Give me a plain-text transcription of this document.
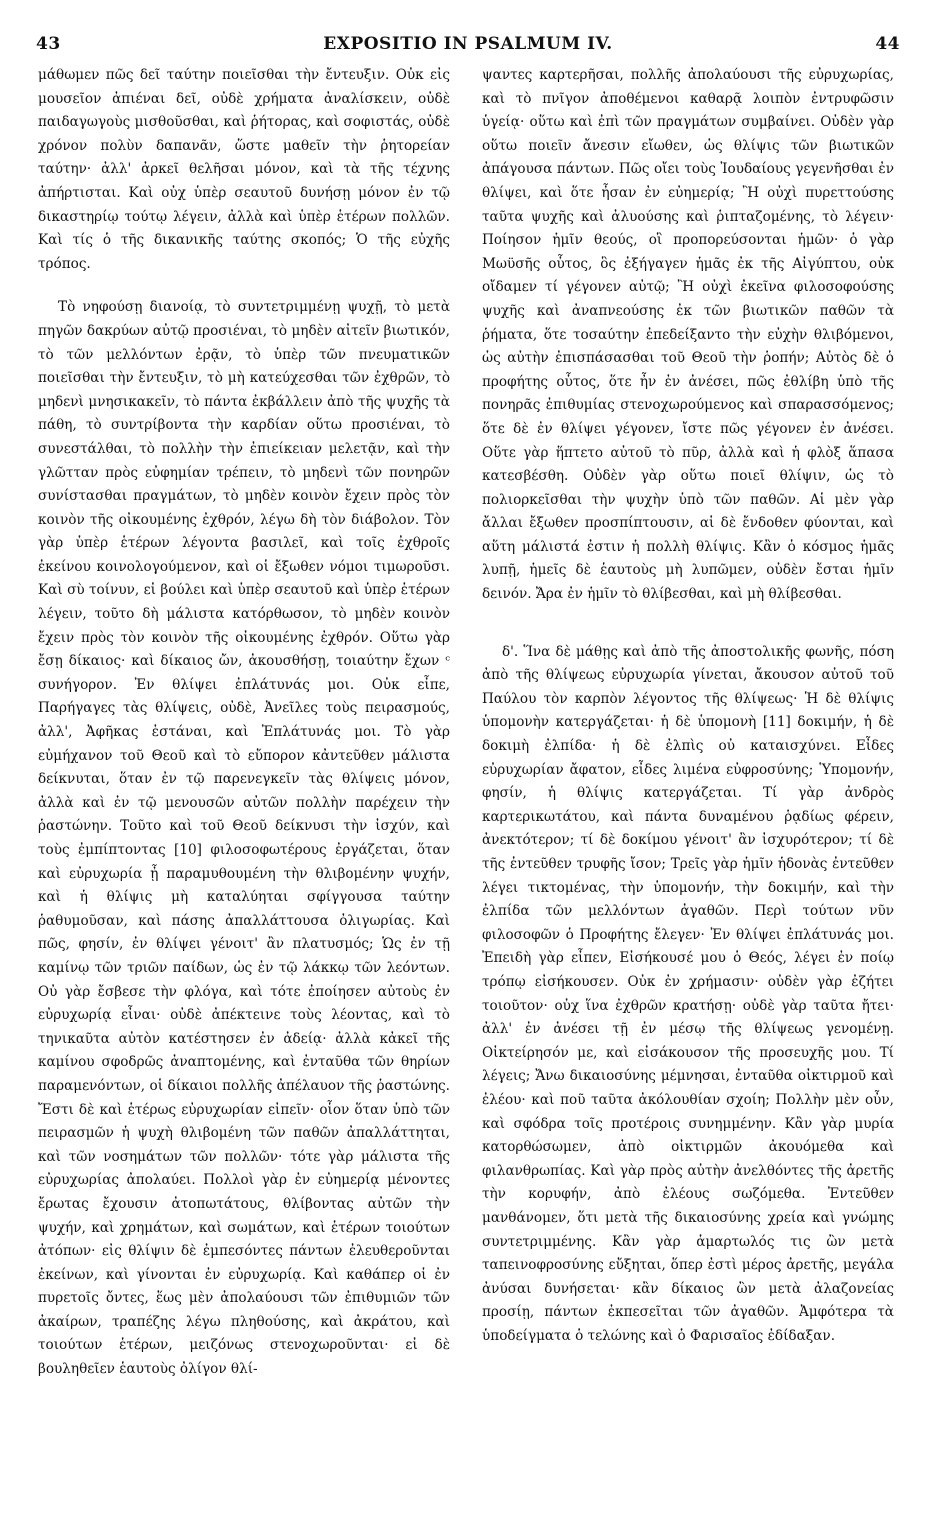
43	EXPOSITIO IN PSALMUM IV.	44

μάθωμεν πῶς δεῖ ταύτην ποιεῖσθαι τὴν ἔντευξιν. Οὐκ εἰς μουσεῖον ἀπιέναι δεῖ, οὐδὲ χρήματα ἀναλίσκειν, οὐδὲ παιδαγωγοὺς μισθοῦσθαι, καὶ ῥήτορας, καὶ σοφιστάς, οὐδὲ χρόνον πολὺν δαπανᾶν, ὥστε μαθεῖν τὴν ῥητορείαν ταύτην· ἀλλ' ἀρκεῖ θελῆσαι μόνον, καὶ τὰ τῆς τέχνης ἀπήρτισται. Καὶ οὐχ ὑπὲρ σεαυτοῦ δυνήσῃ μόνον ἐν τῷ δικαστηρίῳ τούτῳ λέγειν, ἀλλὰ καὶ ὑπὲρ ἑτέρων πολλῶν. Καὶ τίς ὁ τῆς δικανικῆς ταύτης σκοπός; Ὁ τῆς εὐχῆς τρόπος.

Τὸ νηφούσῃ διανοίᾳ, τὸ συντετριμμένῃ ψυχῇ, τὸ μετὰ πηγῶν δακρύων αὐτῷ προσιέναι, τὸ μηδὲν αἰτεῖν βιωτικόν, τὸ τῶν μελλόντων ἐρᾷν, τὸ ὑπὲρ τῶν πνευματικῶν ποιεῖσθαι τὴν ἔντευξιν, τὸ μὴ κατεύχεσθαι τῶν ἐχθρῶν, τὸ μηδενὶ μνησικακεῖν, τὸ πάντα ἐκβάλλειν ἀπὸ τῆς ψυχῆς τὰ πάθη, τὸ συντρίβοντα τὴν καρδίαν οὕτω προσιέναι, τὸ συνεστάλθαι, τὸ πολλὴν τὴν ἐπιείκειαν μελετᾷν, καὶ τὴν γλῶτταν πρὸς εὐφημίαν τρέπειν, τὸ μηδενὶ τῶν πονηρῶν συνίστασθαι πραγμάτων, τὸ μηδὲν κοινὸν ἔχειν πρὸς τὸν κοινὸν τῆς οἰκουμένης ἐχθρόν, λέγω δὴ τὸν διάβολον. Τὸν γὰρ ὑπὲρ ἑτέρων λέγοντα βασιλεῖ, καὶ τοῖς ἐχθροῖς ἐκείνου κοινολογούμενον, καὶ οἱ ἔξωθεν νόμοι τιμωροῦσι. Καὶ σὺ τοίνυν, εἰ βούλει καὶ ὑπὲρ σεαυτοῦ καὶ ὑπὲρ ἑτέρων λέγειν, τοῦτο δὴ μάλιστα κατόρθωσον, τὸ μηδὲν κοινὸν ἔχειν πρὸς τὸν κοινὸν τῆς οἰκουμένης ἐχθρόν. Οὕτω γὰρ ἔσῃ δίκαιος· καὶ δίκαιος ὤν, ἀκουσθήσῃ, τοιαύτην ἔχων ᶜ συνήγορον. Ἐν θλίψει ἐπλάτυνάς μοι. Οὐκ εἶπε, Παρήγαγες τὰς θλίψεις, οὐδὲ, Ἀνεῖλες τοὺς πειρασμούς, ἀλλ', Ἀφῆκας ἑστάναι, καὶ Ἐπλάτυνάς μοι. Τὸ γὰρ εὐμήχανον τοῦ Θεοῦ καὶ τὸ εὔπορον κἀντεῦθεν μάλιστα δείκνυται, ὅταν ἐν τῷ παρενεγκεῖν τὰς θλίψεις μόνον, ἀλλὰ καὶ ἐν τῷ μενουσῶν αὐτῶν πολλὴν παρέχειν τὴν ῥαστώνην. Τοῦτο καὶ τοῦ Θεοῦ δείκνυσι τὴν ἰσχύν, καὶ τοὺς ἐμπίπτοντας [10] φιλοσοφωτέρους ἐργάζεται, ὅταν καὶ εὐρυχωρία ᾖ παραμυθουμένη τὴν θλιβομένην ψυχήν, καὶ ἡ θλίψις μὴ καταλύηται σφίγγουσα ταύτην ῥαθυμοῦσαν, καὶ πάσης ἀπαλλάττουσα ὀλιγωρίας. Καὶ πῶς, φησίν, ἐν θλίψει γένοιτ' ἂν πλατυσμός; Ὡς ἐν τῇ καμίνῳ τῶν τριῶν παίδων, ὡς ἐν τῷ λάκκῳ τῶν λεόντων. Οὐ γὰρ ἔσβεσε τὴν φλόγα, καὶ τότε ἐποίησεν αὐτοὺς ἐν εὐρυχωρίᾳ εἶναι· οὐδὲ ἀπέκτεινε τοὺς λέοντας, καὶ τὸ τηνικαῦτα αὐτὸν κατέστησεν ἐν ἀδείᾳ· ἀλλὰ κἀκεῖ τῆς καμίνου σφοδρῶς ἀναπτομένης, καὶ ἐνταῦθα τῶν θηρίων παραμενόντων, οἱ δίκαιοι πολλῆς ἀπέλαυον τῆς ῥαστώνης. Ἔστι δὲ καὶ ἑτέρως εὐρυχωρίαν εἰπεῖν· οἷον ὅταν ὑπὸ τῶν πειρασμῶν ἡ ψυχὴ θλιβομένη τῶν παθῶν ἀπαλλάττηται, καὶ τῶν νοσημάτων τῶν πολλῶν· τότε γὰρ μάλιστα τῆς εὐρυχωρίας ἀπολαύει. Πολλοὶ γὰρ ἐν εὐημερίᾳ μένοντες ἔρωτας ἔχουσιν ἀτοπωτάτους, θλίβοντας αὐτῶν τὴν ψυχήν, καὶ χρημάτων, καὶ σωμάτων, καὶ ἑτέρων τοιούτων ἀτόπων· εἰς θλίψιν δὲ ἐμπεσόντες πάντων ἐλευθεροῦνται ἐκείνων, καὶ γίνονται ἐν εὐρυχωρίᾳ. Καὶ καθάπερ οἱ ἐν πυρετοῖς ὄντες, ἕως μὲν ἀπολαύουσι τῶν ἐπιθυμιῶν τῶν ἀκαίρων, τραπέζης λέγω πληθούσης, καὶ ἀκράτου, καὶ τοιούτων ἑτέρων, μειζόνως στενοχωροῦνται· εἰ δὲ βουληθεῖεν ἑαυτοὺς ὀλίγον θλί-

ψαντες καρτερῆσαι, πολλῆς ἀπολαύουσι τῆς εὐρυχωρίας, καὶ τὸ πνῖγον ἀποθέμενοι καθαρᾷ λοιπὸν ἐντρυφῶσιν ὑγείᾳ· οὕτω καὶ ἐπὶ τῶν πραγμάτων συμβαίνει. Οὐδὲν γὰρ οὕτω ποιεῖν ἄνεσιν εἴωθεν, ὡς θλίψις τῶν βιωτικῶν ἀπάγουσα πάντων. Πῶς οἴει τοὺς Ἰουδαίους γεγενῆσθαι ἐν θλίψει, καὶ ὅτε ἦσαν ἐν εὐημερίᾳ; Ἢ οὐχὶ πυρεττούσης ταῦτα ψυχῆς καὶ ἀλυούσης καὶ ῥιπταζομένης, τὸ λέγειν· Ποίησον ἡμῖν θεούς, οἳ προπορεύσονται ἡμῶν· ὁ γὰρ Μωϋσῆς οὗτος, ὃς ἐξήγαγεν ἡμᾶς ἐκ τῆς Αἰγύπτου, οὐκ οἴδαμεν τί γέγονεν αὐτῷ; Ἢ οὐχὶ ἐκεῖνα φιλοσοφούσης ψυχῆς καὶ ἀναπνεούσης ἐκ τῶν βιωτικῶν παθῶν τὰ ῥήματα, ὅτε τοσαύτην ἐπεδείξαντο τὴν εὐχὴν θλιβόμενοι, ὡς αὐτὴν ἐπισπάσασθαι τοῦ Θεοῦ τὴν ῥοπήν; Αὐτὸς δὲ ὁ προφήτης οὗτος, ὅτε ἦν ἐν ἀνέσει, πῶς ἐθλίβη ὑπὸ τῆς πονηρᾶς ἐπιθυμίας στενοχωρούμενος καὶ σπαρασσόμενος; ὅτε δὲ ἐν θλίψει γέγονεν, ἴστε πῶς γέγονεν ἐν ἀνέσει. Οὕτε γὰρ ἥπτετο αὐτοῦ τὸ πῦρ, ἀλλὰ καὶ ἡ φλὸξ ἅπασα κατεσβέσθη. Οὐδὲν γὰρ οὕτω ποιεῖ θλίψιν, ὡς τὸ πολιορκεῖσθαι τὴν ψυχὴν ὑπὸ τῶν παθῶν. Αἱ μὲν γὰρ ἄλλαι ἔξωθεν προσπίπτουσιν, αἱ δὲ ἔνδοθεν φύονται, καὶ αὕτη μάλιστά ἐστιν ἡ πολλὴ θλίψις. Κἂν ὁ κόσμος ἡμᾶς λυπῇ, ἡμεῖς δὲ ἑαυτοὺς μὴ λυπῶμεν, οὐδὲν ἔσται ἡμῖν δεινόν. Ἄρα ἐν ἡμῖν τὸ θλίβεσθαι, καὶ μὴ θλίβεσθαι.

δ'. Ἵνα δὲ μάθῃς καὶ ἀπὸ τῆς ἀποστολικῆς φωνῆς, πόση ἀπὸ τῆς θλίψεως εὐρυχωρία γίνεται, ἄκουσον αὐτοῦ τοῦ Παύλου τὸν καρπὸν λέγοντος τῆς θλίψεως· Ἡ δὲ θλίψις ὑπομονὴν κατεργάζεται· ἡ δὲ ὑπομονὴ [11] δοκιμήν, ἡ δὲ δοκιμὴ ἐλπίδα· ἡ δὲ ἐλπὶς οὐ καταισχύνει. Εἶδες εὐρυχωρίαν ἄφατον, εἶδες λιμένα εὐφροσύνης; Ὑπομονήν, φησίν, ἡ θλίψις κατεργάζεται. Τί γὰρ ἀνδρὸς καρτερικωτάτου, καὶ πάντα δυναμένου ῥᾳδίως φέρειν, ἀνεκτότερον; τί δὲ δοκίμου γένοιτ' ἂν ἰσχυρότερον; τί δὲ τῆς ἐντεῦθεν τρυφῆς ἴσον; Τρεῖς γὰρ ἡμῖν ἡδονὰς ἐντεῦθεν λέγει τικτομένας, τὴν ὑπομονήν, τὴν δοκιμήν, καὶ τὴν ἐλπίδα τῶν μελλόντων ἀγαθῶν. Περὶ τούτων νῦν φιλοσοφῶν ὁ Προφήτης ἔλεγεν· Ἐν θλίψει ἐπλάτυνάς μοι. Ἐπειδὴ γὰρ εἶπεν, Εἰσήκουσέ μου ὁ Θεός, λέγει ἐν ποίῳ τρόπῳ εἰσήκουσεν. Οὐκ ἐν χρήμασιν· οὐδὲν γὰρ ἐζήτει τοιοῦτον· οὐχ ἵνα ἐχθρῶν κρατήσῃ· οὐδὲ γὰρ ταῦτα ἤτει· ἀλλ' ἐν ἀνέσει τῇ ἐν μέσῳ τῆς θλίψεως γενομένῃ. Οἰκτείρησόν με, καὶ εἰσάκουσον τῆς προσευχῆς μου. Τί λέγεις; Ἄνω δικαιοσύνης μέμνησαι, ἐνταῦθα οἰκτιρμοῦ καὶ ἐλέου· καὶ ποῦ ταῦτα ἀκόλουθίαν σχοίη; Πολλὴν μὲν οὖν, καὶ σφόδρα τοῖς προτέροις συνημμένην. Κἂν γὰρ μυρία κατορθώσωμεν, ἀπὸ οἰκτιρμῶν ἀκουόμεθα καὶ φιλανθρωπίας. Καὶ γὰρ πρὸς αὐτὴν ἀνελθόντες τῆς ἀρετῆς τὴν κορυφήν, ἀπὸ ἐλέους σωζόμεθα. Ἐντεῦθεν μανθάνομεν, ὅτι μετὰ τῆς δικαιοσύνης χρεία καὶ γνώμης συντετριμμένης. Κἂν γὰρ ἁμαρτωλός τις ὢν μετὰ ταπεινοφροσύνης εὔξηται, ὅπερ ἐστὶ μέρος ἀρετῆς, μεγάλα ἀνύσαι δυνήσεται· κἂν δίκαιος ὢν μετὰ ἀλαζονείας προσίῃ, πάντων ἐκπεσεῖται τῶν ἀγαθῶν. Ἀμφότερα τὰ ὑποδείγματα ὁ τελώνης καὶ ὁ Φαρισαῖος ἐδίδαξαν.
